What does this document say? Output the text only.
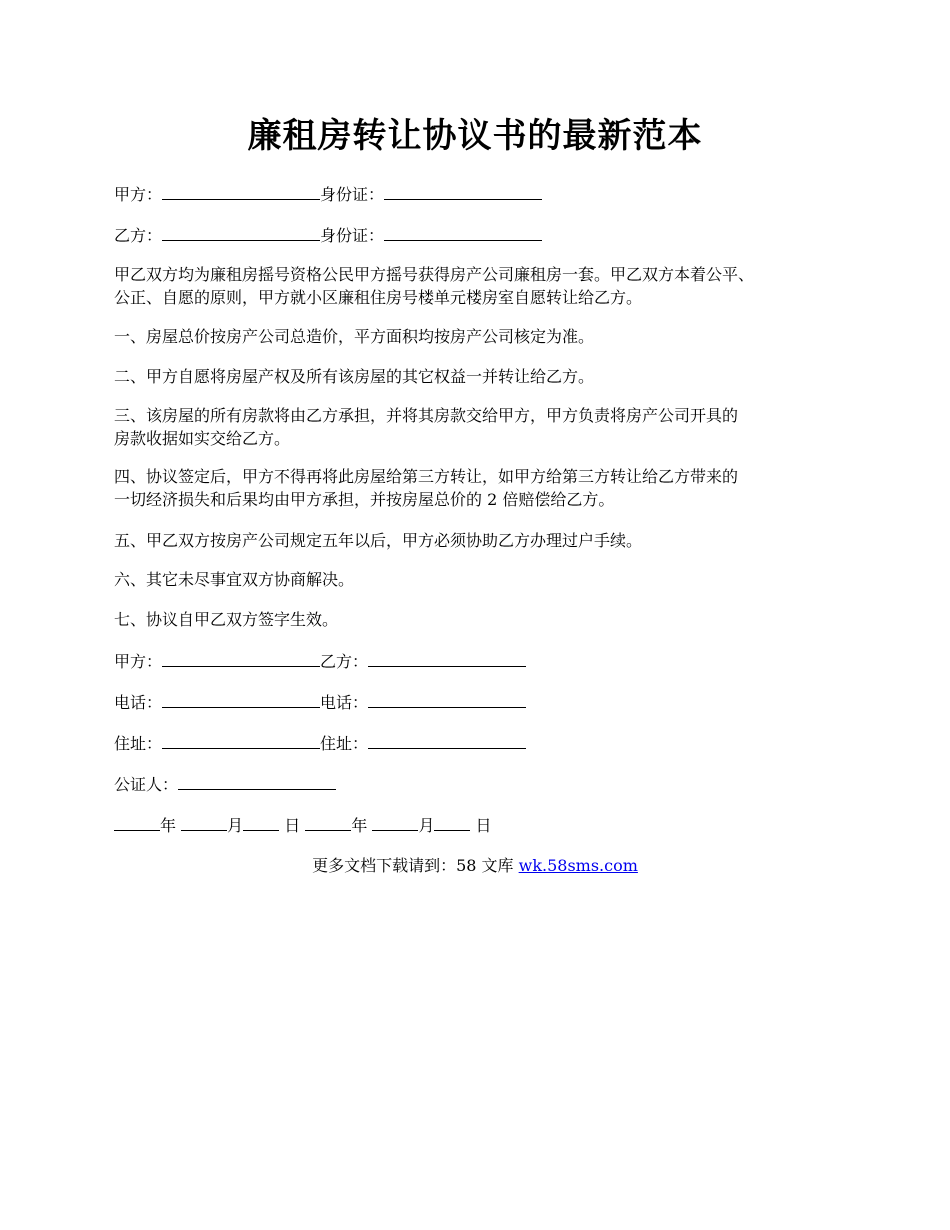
廉租房转让协议书的最新范本

甲方：	身份证：

乙方：	身份证：

甲乙双方均为廉租房摇号资格公民甲方摇号获得房产公司廉租房一套。甲乙双方本着公平、
公正、自愿的原则，甲方就小区廉租住房号楼单元楼房室自愿转让给乙方。

一、房屋总价按房产公司总造价，平方面积均按房产公司核定为准。

二、甲方自愿将房屋产权及所有该房屋的其它权益一并转让给乙方。

三、该房屋的所有房款将由乙方承担，并将其房款交给甲方，甲方负责将房产公司开具的
房款收据如实交给乙方。
四、协议签定后，甲方不得再将此房屋给第三方转让，如甲方给第三方转让给乙方带来的
一切经济损失和后果均由甲方承担，并按房屋总价的 2 倍赔偿给乙方。

五、甲乙双方按房产公司规定五年以后，甲方必须协助乙方办理过户手续。

六、其它未尽事宜双方协商解决。

七、协议自甲乙双方签字生效。

甲方：	乙方：

电话：	电话：

住址：	住址：

公证人：

年	月	日	年	月	日

更多文档下载请到：58 文库 wk.58sms.com
